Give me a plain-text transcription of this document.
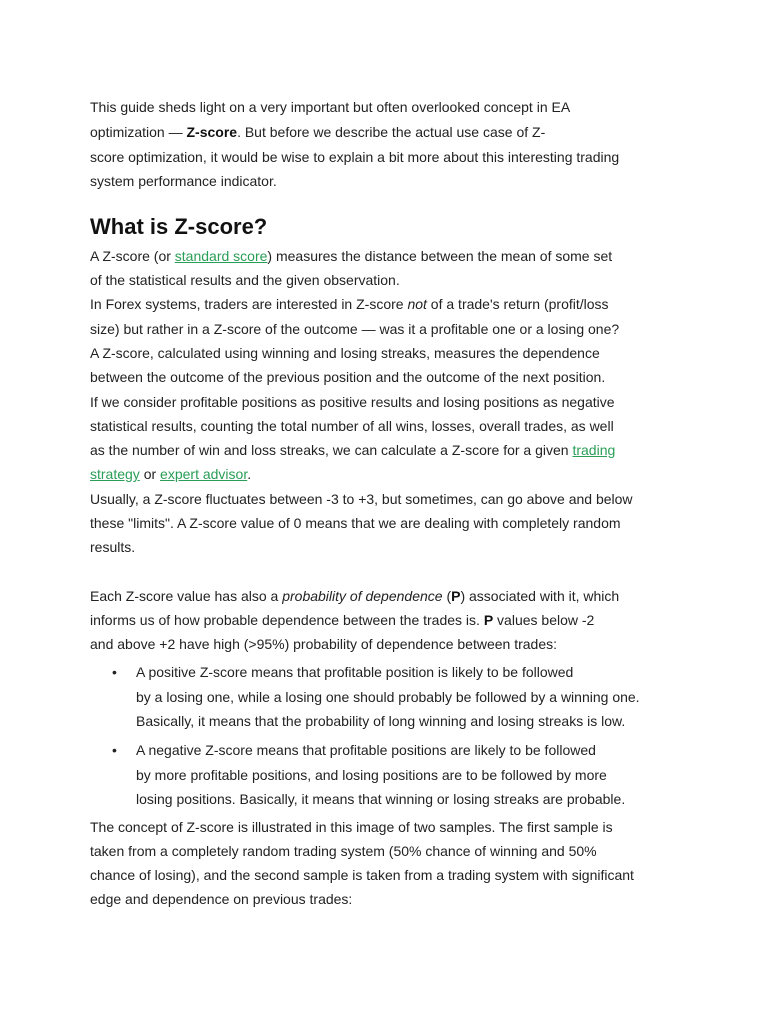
This guide sheds light on a very important but often overlooked concept in EA
optimization — Z-score. But before we describe the actual use case of Z-
score optimization, it would be wise to explain a bit more about this interesting trading
system performance indicator.
What is Z-score?
A Z-score (or standard score) measures the distance between the mean of some set
of the statistical results and the given observation.
In Forex systems, traders are interested in Z-score not of a trade's return (profit/loss
size) but rather in a Z-score of the outcome — was it a profitable one or a losing one?
A Z-score, calculated using winning and losing streaks, measures the dependence
between the outcome of the previous position and the outcome of the next position.
If we consider profitable positions as positive results and losing positions as negative
statistical results, counting the total number of all wins, losses, overall trades, as well
as the number of win and loss streaks, we can calculate a Z-score for a given trading
strategy or expert advisor.
Usually, a Z-score fluctuates between -3 to +3, but sometimes, can go above and below
these "limits". A Z-score value of 0 means that we are dealing with completely random
results.
Each Z-score value has also a probability of dependence (P) associated with it, which
informs us of how probable dependence between the trades is. P values below -2
and above +2 have high (>95%) probability of dependence between trades:
• A positive Z-score means that profitable position is likely to be followed
by a losing one, while a losing one should probably be followed by a winning one.
Basically, it means that the probability of long winning and losing streaks is low.
• A negative Z-score means that profitable positions are likely to be followed
by more profitable positions, and losing positions are to be followed by more
losing positions. Basically, it means that winning or losing streaks are probable.
The concept of Z-score is illustrated in this image of two samples. The first sample is
taken from a completely random trading system (50% chance of winning and 50%
chance of losing), and the second sample is taken from a trading system with significant
edge and dependence on previous trades:
